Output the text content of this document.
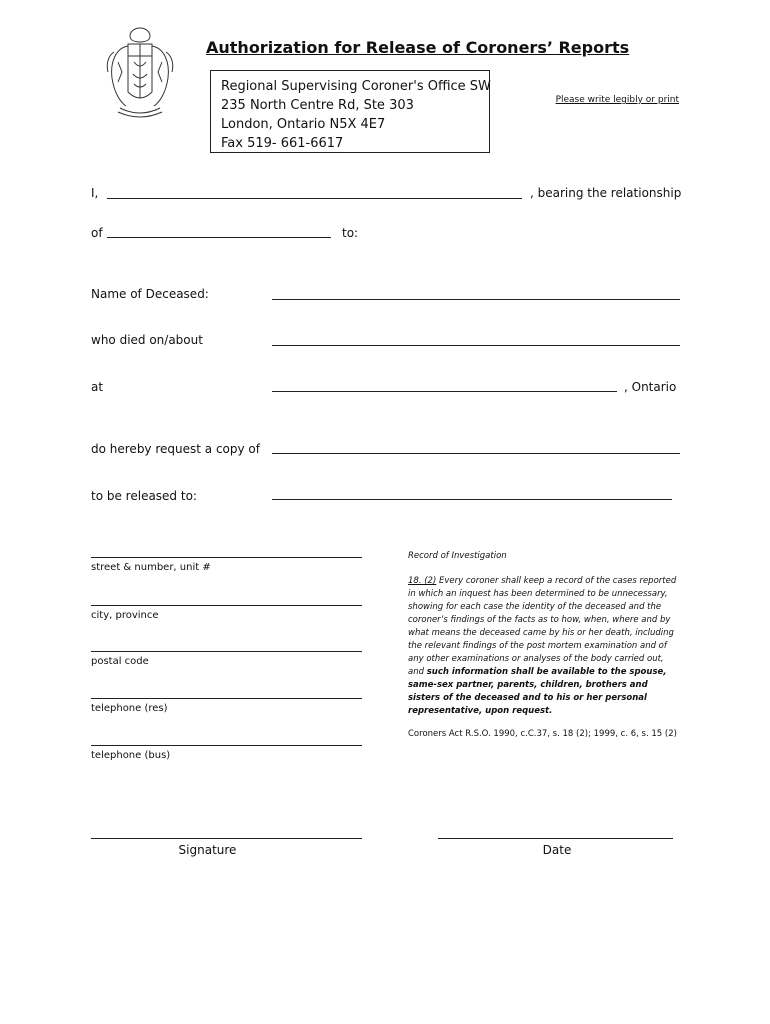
Authorization for Release of Coroners’ Reports
Regional Supervising Coroner's Office SW
235 North Centre Rd, Ste 303
London, Ontario N5X 4E7
Fax 519- 661-6617
Please write legibly or print
I,	, bearing the relationship
of	to:
Name of Deceased:
who died on/about
at	, Ontario
do hereby request a copy of
to be released to:
street & number, unit #
city, province
postal code
telephone (res)
telephone (bus)
Record of Investigation
18. (2) Every coroner shall keep a record of the cases reported in which an inquest has been determined to be unnecessary, showing for each case the identity of the deceased and the coroner’s findings of the facts as to how, when, where and by what means the deceased came by his or her death, including the relevant findings of the post mortem examination and of any other examinations or analyses of the body carried out, and such information shall be available to the spouse, same-sex partner, parents, children, brothers and sisters of the deceased and to his or her personal representative, upon request.
Coroners Act R.S.O. 1990, c.C.37, s. 18 (2); 1999, c. 6, s. 15 (2)
Signature	Date
